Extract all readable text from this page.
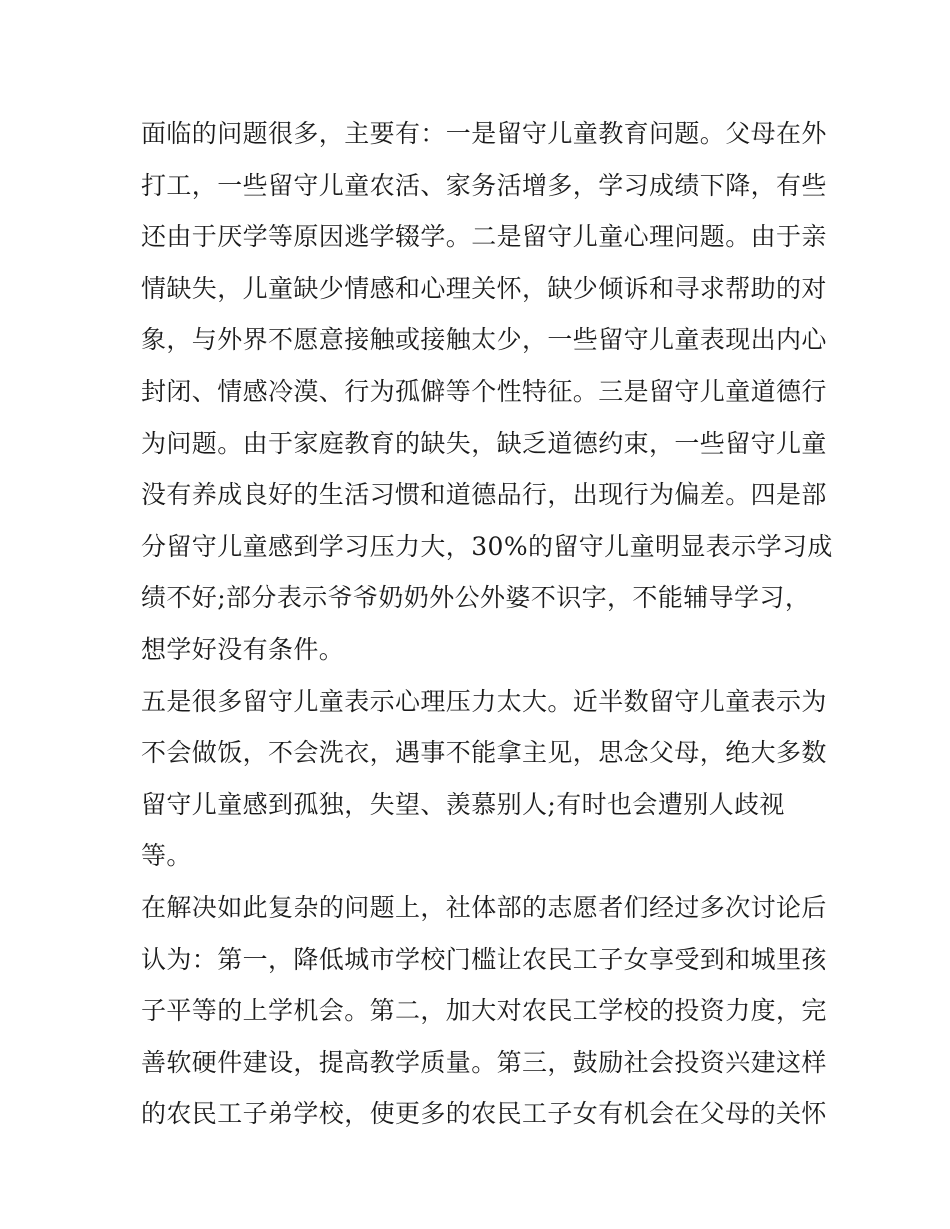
面临的问题很多，主要有：一是留守儿童教育问题。父母在外
打工，一些留守儿童农活、家务活增多，学习成绩下降，有些
还由于厌学等原因逃学辍学。二是留守儿童心理问题。由于亲
情缺失，儿童缺少情感和心理关怀，缺少倾诉和寻求帮助的对
象，与外界不愿意接触或接触太少，一些留守儿童表现出内心
封闭、情感冷漠、行为孤僻等个性特征。三是留守儿童道德行
为问题。由于家庭教育的缺失，缺乏道德约束，一些留守儿童
没有养成良好的生活习惯和道德品行，出现行为偏差。四是部
分留守儿童感到学习压力大，30%的留守儿童明显表示学习成
绩不好;部分表示爷爷奶奶外公外婆不识字，不能辅导学习，
想学好没有条件。
五是很多留守儿童表示心理压力太大。近半数留守儿童表示为
不会做饭，不会洗衣，遇事不能拿主见，思念父母，绝大多数
留守儿童感到孤独，失望、羡慕别人;有时也会遭别人歧视
等。
在解决如此复杂的问题上，社体部的志愿者们经过多次讨论后
认为：第一，降低城市学校门槛让农民工子女享受到和城里孩
子平等的上学机会。第二，加大对农民工学校的投资力度，完
善软硬件建设，提高教学质量。第三，鼓励社会投资兴建这样
的农民工子弟学校，使更多的农民工子女有机会在父母的关怀
